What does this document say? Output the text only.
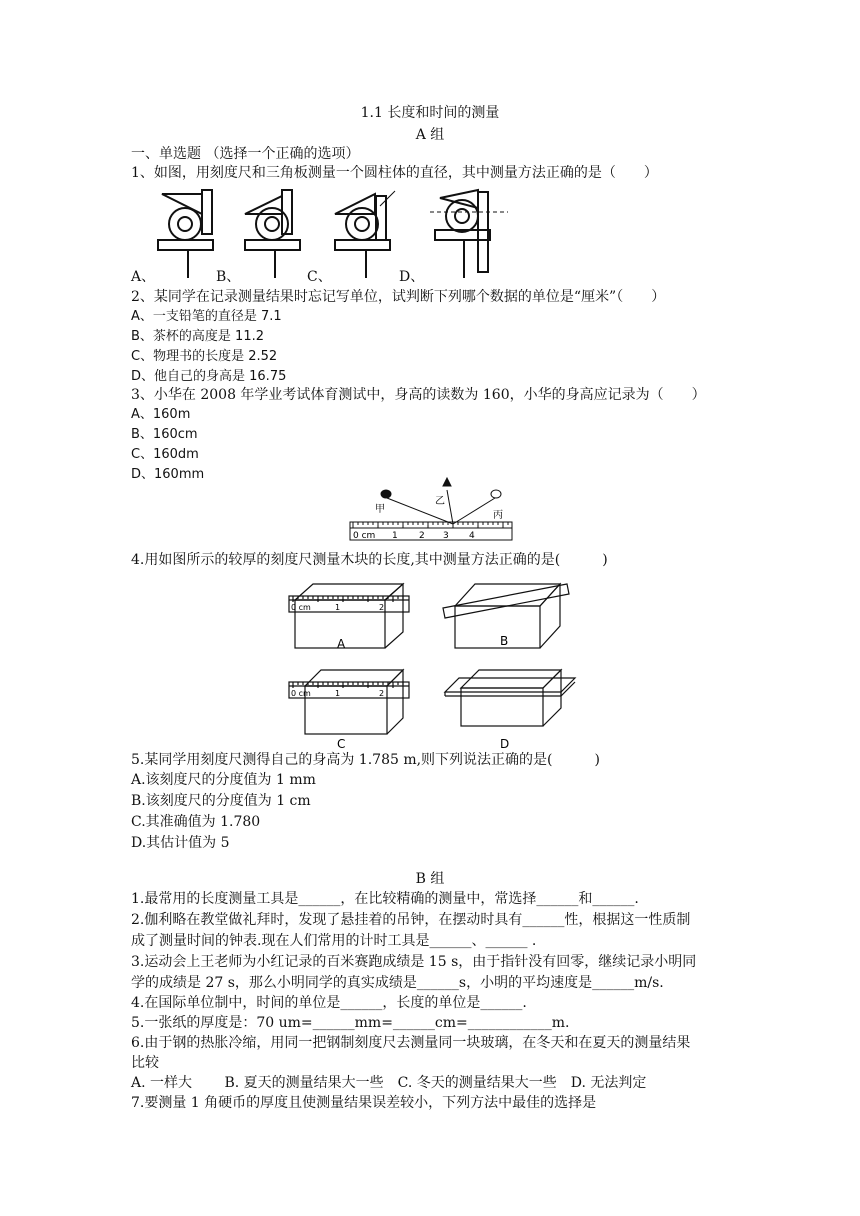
1.1 长度和时间的测量
A 组
一、单选题 （选择一个正确的选项）
1、如图，用刻度尺和三角板测量一个圆柱体的直径，其中测量方法正确的是（　　）
A、	B、	C、	D、
2、某同学在记录测量结果时忘记写单位，试判断下列哪个数据的单位是“厘米”（　　）
A、一支铅笔的直径是 7.1
B、茶杯的高度是 11.2
C、物理书的长度是 2.52
D、他自己的身高是 16.75
3、小华在 2008 年学业考试体育测试中，身高的读数为 160，小华的身高应记录为（　　）
A、160m
B、160cm
C、160dm
D、160mm
甲
乙
丙
0 cm 1 2 3 4
4.用如图所示的较厚的刻度尺测量木块的长度,其中测量方法正确的是(　　　)
0 cm	1	2
0 cm	1	2
A	B
C	D
5.某同学用刻度尺测得自己的身高为 1.785 m,则下列说法正确的是(　　　)
A.该刻度尺的分度值为 1 mm
B.该刻度尺的分度值为 1 cm
C.其准确值为 1.780
D.其估计值为 5
B 组
1.最常用的长度测量工具是______，在比较精确的测量中，常选择______和______.
2.伽利略在教堂做礼拜时，发现了悬挂着的吊钟，在摆动时具有______性，根据这一性质制
成了测量时间的钟表.现在人们常用的计时工具是______、______ .
3.运动会上王老师为小红记录的百米赛跑成绩是 15 s，由于指针没有回零，继续记录小明同
学的成绩是 27 s，那么小明同学的真实成绩是______s，小明的平均速度是______m/s.
4.在国际单位制中，时间的单位是______，长度的单位是______.
5.一张纸的厚度是：70 um=______mm=______cm=____________m.
6.由于钢的热胀冷缩，用同一把钢制刻度尺去测量同一块玻璃，在冬天和在夏天的测量结果
比较
A. 一样大　　 B. 夏天的测量结果大一些　C. 冬天的测量结果大一些　D. 无法判定
7.要测量 1 角硬币的厚度且使测量结果误差较小，下列方法中最佳的选择是
